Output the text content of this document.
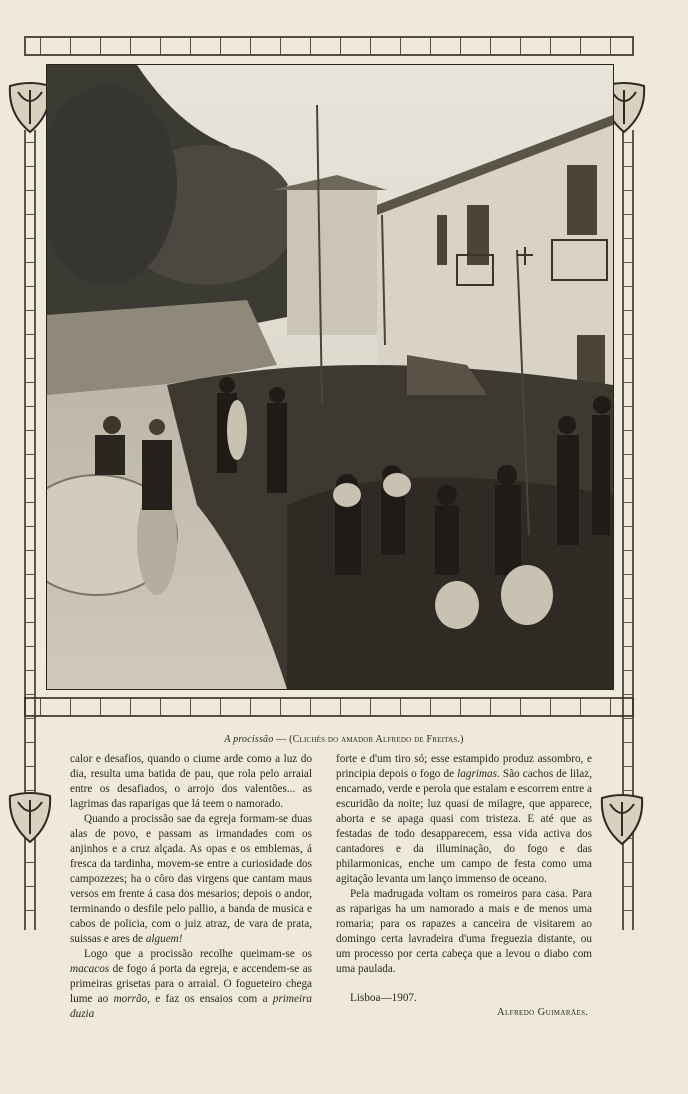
A procissão — (Clichés do amador Alfredo de Freitas.)

calor e desafios, quando o ciume arde como a luz do dia, resulta uma batida de pau, que rola pelo arraial entre os desafiados, o arrojo dos valentões... as lagrimas das raparigas que lá teem o namorado.

Quando a procissão sae da egreja formam-se duas alas de povo, e passam as irmandades com os anjinhos e a cruz alçada. As opas e os emblemas, á fresca da tardinha, movem-se entre a curiosidade dos campozezes; ha o côro das virgens que cantam maus versos em frente á casa dos mesarios; depois o andor, terminando o desfile pelo pallio, a banda de musica e cabos de policia, com o juiz atraz, de vara de prata, suissas e ares de alguem!

Logo que a procissão recolhe queimam-se os macacos de fogo á porta da egreja, e accendem-se as primeiras grisetas para o arraial. O fogueteiro chega lume ao morrão, e faz os ensaios com a primeira duzia

forte e d'um tiro só; esse estampido produz assombro, e principia depois o fogo de lagrimas. São cachos de lilaz, encarnado, verde e perola que estalam e escorrem entre a escuridão da noite; luz quasi de milagre, que apparece, aborta e se apaga quasi com tristeza. E até que as festadas de todo desapparecem, essa vida activa dos cantadores e da illuminação, do fogo e das philarmonicas, enche um campo de festa como uma agitação levanta um lanço immenso de oceano.

Pela madrugada voltam os romeiros para casa. Para as raparigas ha um namorado a mais e de menos uma romaria; para os rapazes a canceira de visitarem ao domingo certa lavradeira d'uma freguezia distante, ou um processo por certa cabeça que a levou o diabo com uma paulada.

Lisboa—1907.
Alfredo Guimarães.
